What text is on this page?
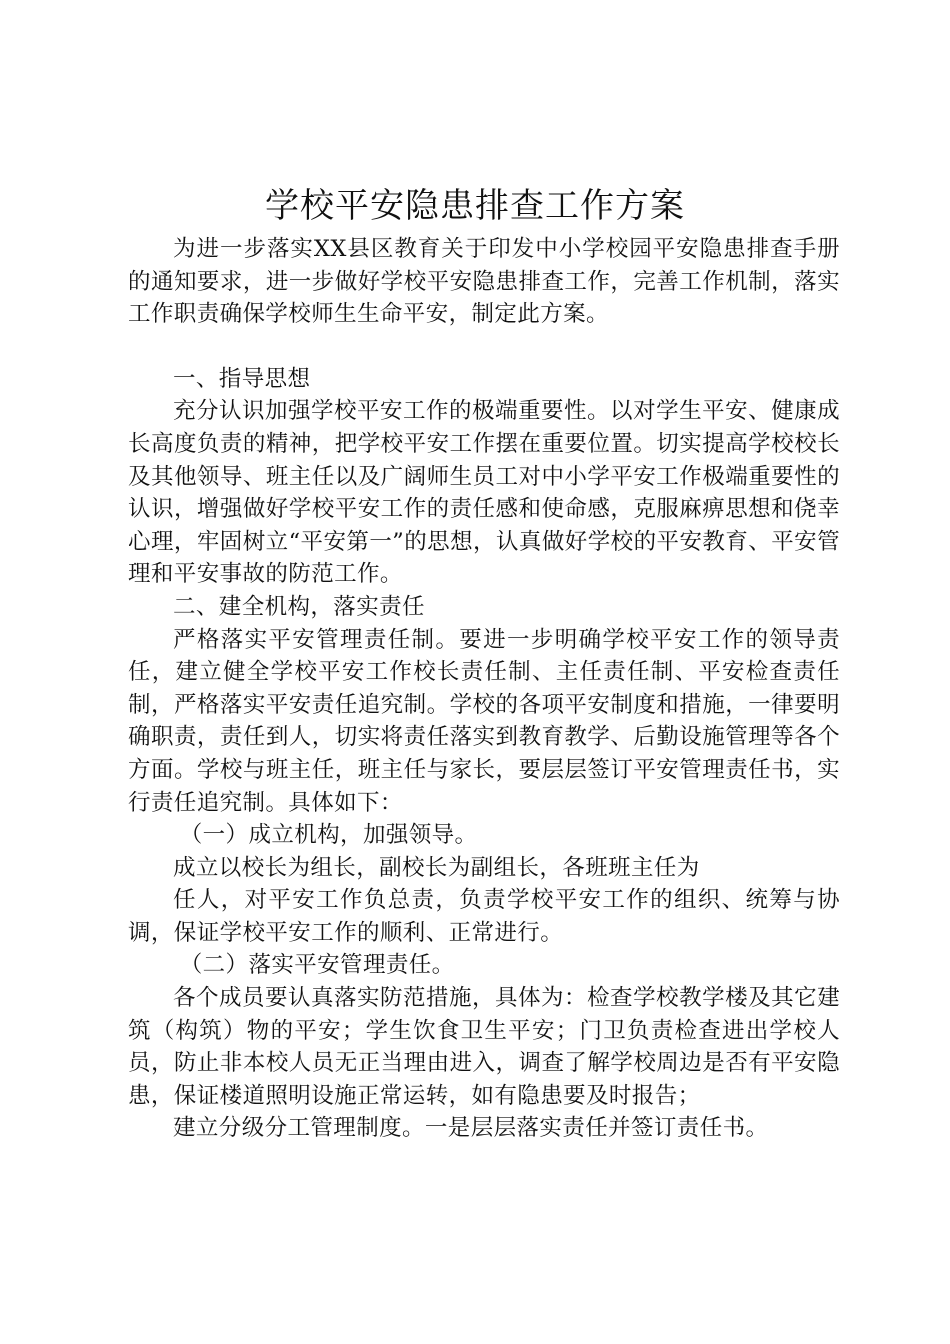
学校平安隐患排查工作方案

为进一步落实XX县区教育关于印发中小学校园平安隐患排查手册的通知要求，进一步做好学校平安隐患排查工作，完善工作机制，落实工作职责确保学校师生生命平安，制定此方案。

一、指导思想

充分认识加强学校平安工作的极端重要性。以对学生平安、健康成长高度负责的精神，把学校平安工作摆在重要位置。切实提高学校校长及其他领导、班主任以及广阔师生员工对中小学平安工作极端重要性的认识，增强做好学校平安工作的责任感和使命感，克服麻痹思想和侥幸心理，牢固树立“平安第一”的思想，认真做好学校的平安教育、平安管理和平安事故的防范工作。

二、建全机构，落实责任

严格落实平安管理责任制。要进一步明确学校平安工作的领导责任，建立健全学校平安工作校长责任制、主任责任制、平安检查责任制，严格落实平安责任追究制。学校的各项平安制度和措施，一律要明确职责，责任到人，切实将责任落实到教育教学、后勤设施管理等各个方面。学校与班主任，班主任与家长，要层层签订平安管理责任书，实行责任追究制。具体如下：

（一）成立机构，加强领导。

成立以校长为组长，副校长为副组长，各班班主任为

任人，对平安工作负总责，负责学校平安工作的组织、统筹与协调，保证学校平安工作的顺利、正常进行。

（二）落实平安管理责任。

各个成员要认真落实防范措施，具体为：检查学校教学楼及其它建筑（构筑）物的平安；学生饮食卫生平安；门卫负责检查进出学校人员，防止非本校人员无正当理由进入，调查了解学校周边是否有平安隐患，保证楼道照明设施正常运转，如有隐患要及时报告；

建立分级分工管理制度。一是层层落实责任并签订责任书。
